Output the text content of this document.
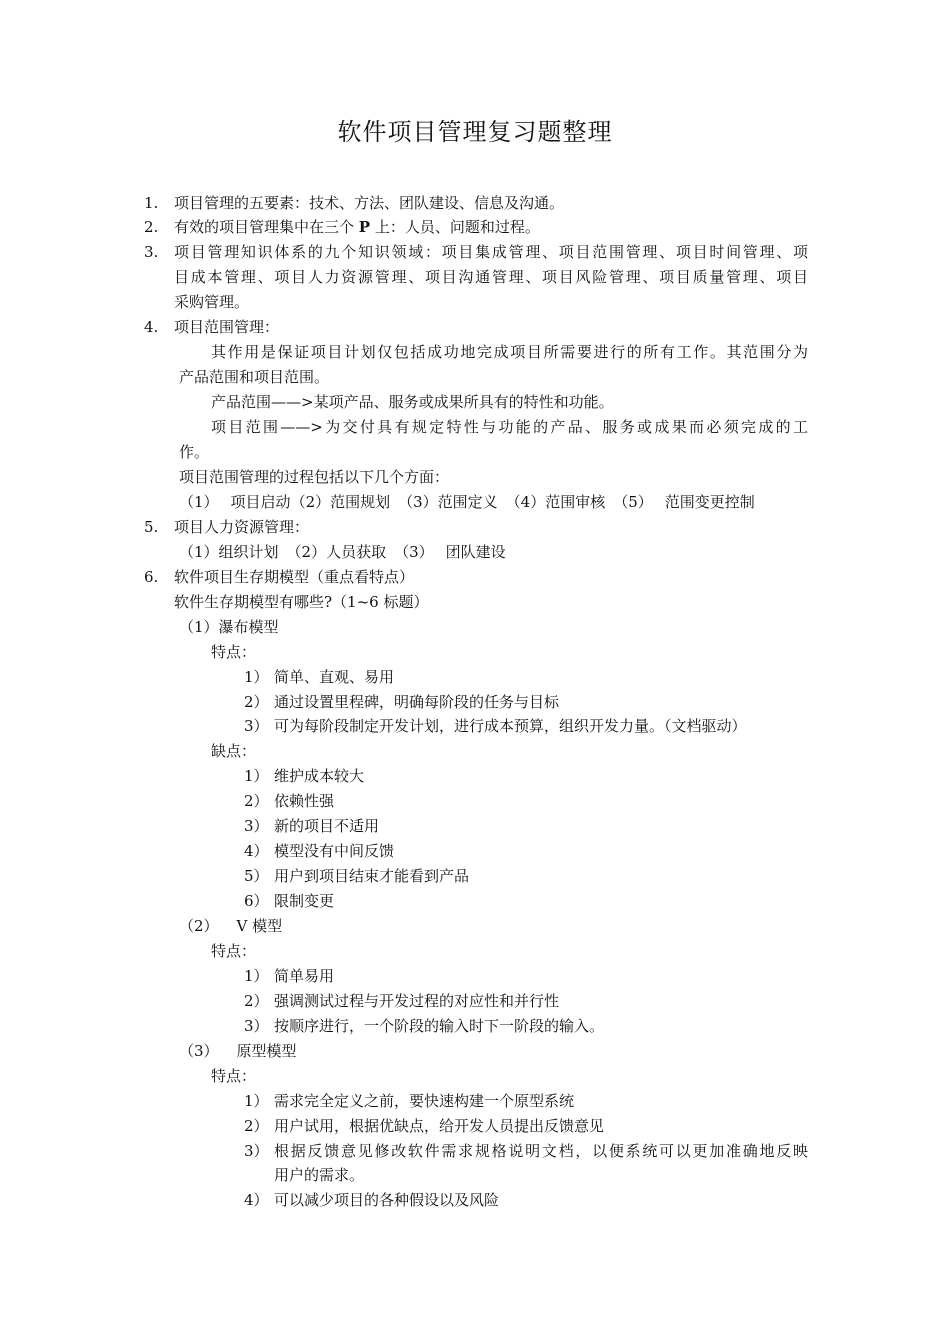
软件项目管理复习题整理
1. 项目管理的五要素：技术、方法、团队建设、信息及沟通。
2. 有效的项目管理集中在三个 P 上：人员、问题和过程。
3. 项目管理知识体系的九个知识领域：项目集成管理、项目范围管理、项目时间管理、项
目成本管理、项目人力资源管理、项目沟通管理、项目风险管理、项目质量管理、项目
采购管理。
4. 项目范围管理：
其作用是保证项目计划仅包括成功地完成项目所需要进行的所有工作。其范围分为
产品范围和项目范围。
产品范围——>某项产品、服务或成果所具有的特性和功能。
项目范围——>为交付具有规定特性与功能的产品、服务或成果而必须完成的工
作。
项目范围管理的过程包括以下几个方面：
（1） 项目启动（2）范围规划 （3）范围定义 （4）范围审核 （5） 范围变更控制
5. 项目人力资源管理：
（1）组织计划 （2）人员获取 （3） 团队建设
6. 软件项目生存期模型（重点看特点）
软件生存期模型有哪些?（1~6 标题）
（1）瀑布模型
特点：
1） 简单、直观、易用
2） 通过设置里程碑，明确每阶段的任务与目标
3） 可为每阶段制定开发计划，进行成本预算，组织开发力量。（文档驱动）
缺点：
1） 维护成本较大
2） 依赖性强
3） 新的项目不适用
4） 模型没有中间反馈
5） 用户到项目结束才能看到产品
6） 限制变更
（2） V 模型
特点：
1） 简单易用
2） 强调测试过程与开发过程的对应性和并行性
3） 按顺序进行，一个阶段的输入时下一阶段的输入。
（3） 原型模型
特点：
1） 需求完全定义之前，要快速构建一个原型系统
2） 用户试用，根据优缺点，给开发人员提出反馈意见
3） 根据反馈意见修改软件需求规格说明文档，以便系统可以更加准确地反映
用户的需求。
4） 可以减少项目的各种假设以及风险
